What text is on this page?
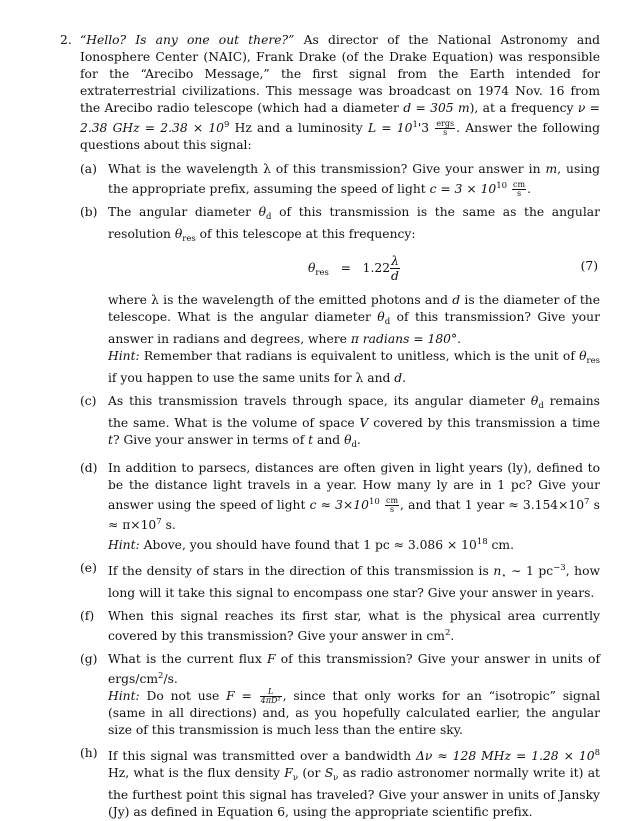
2. “Hello? Is any one out there?” As director of the National Astronomy and Ionosphere Center (NAIC), Frank Drake (of the Drake Equation) was responsible for the “Arecibo Message,” the first signal from the Earth intended for extraterrestrial civilizations. This message was broadcast on 1974 Nov. 16 from the Arecibo radio telescope (which had a diameter d = 305 m), at a frequency ν = 2.38 GHz = $2.38 \times 10^9$ Hz and a luminosity $L = 10^1'3 \frac{\text{ergs}}{s}$ . Answer the following questions about this signal:
(a) What is the wavelength λ of this transmission? Give your answer in m, using the appropriate prefix, assuming the speed of light $c = 3 \times 10^{10} \frac{cm}{s}$ .
(b) The angular diameter $\theta_d$ of this transmission is the same as the angular resolution $\theta_{res}$ of this telescope at this frequency:
$\theta_{res} = 1.22 \frac{\lambda}{d}$	(7)
where λ is the wavelength of the emitted photons and d is the diameter of the telescope. What is the angular diameter $\theta_d$ of this transmission? Give your answer in radians and degrees, where π radians = 180°.
Hint: Remember that radians is equivalent to unitless, which is the unit of $\theta_{res}$ if you happen to use the same units for λ and d.
(c) As this transmission travels through space, its angular diameter $\theta_d$ remains the same. What is the volume of space V covered by this transmission a time t? Give your answer in terms of t and $\theta_d$.
(d) In addition to parsecs, distances are often given in light years (ly), defined to be the distance light travels in a year. How many ly are in 1 pc? Give your answer using the speed of light $c \approx 3\times 10^{10} \frac{cm}{s}$ , and that 1 year ≈ $3.154\times 10^7$ $s \approx \pi\times 10^7$ s.
Hint: Above, you should have found that 1 pc ≈ $3.086 \times 10^{18}$ cm.
(e) If the density of stars in the direction of this transmission is $n_⋆$ ∼ 1 $pc^{-3}$, how long will it take this signal to encompass one star? Give your answer in years.
(f) When this signal reaches its first star, what is the physical area currently covered by this transmission? Give your answer in $cm^2$.
(g) What is the current flux F of this transmission? Give your answer in units of ergs/$cm^2/s$.
Hint: Do not use $F = \frac{L}{\text{4πD²}}$ , since that only works for an “isotropic” signal (same in all directions) and, as you hopefully calculated earlier, the angular size of this transmission is much less than the entire sky.
(h) If this signal was transmitted over a bandwidth Δν ≈ 128 MHz = $1.28 \times 10^8$ Hz, what is the flux density $F_\nu$ (or $S_\nu$ as radio astronomer normally write it) at the furthest point this signal has traveled? Give your answer in units of Jansky (Jy) as defined in Equation 6, using the appropriate scientific prefix.
